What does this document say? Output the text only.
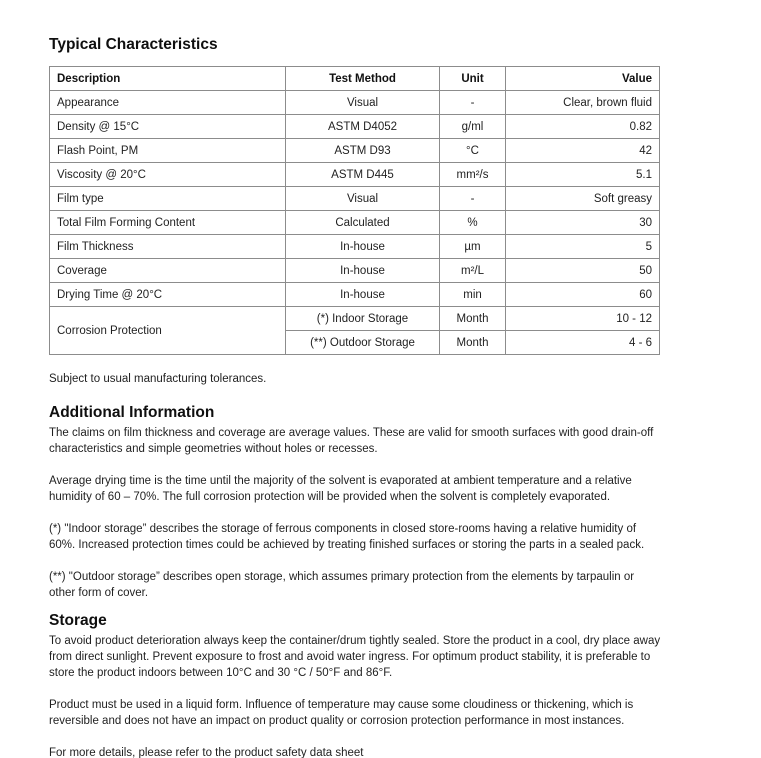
Typical Characteristics
Description	Test Method	Unit	Value
Appearance	Visual	-	Clear, brown fluid
Density @ 15°C	ASTM D4052	g/ml	0.82
Flash Point, PM	ASTM D93	°C	42
Viscosity @ 20°C	ASTM D445	mm²/s	5.1
Film type	Visual	-	Soft greasy
Total Film Forming Content	Calculated	%	30
Film Thickness	In-house	µm	5
Coverage	In-house	m²/L	50
Drying Time @ 20°C	In-house	min	60
Corrosion Protection	(*) Indoor Storage	Month	10 - 12
	(**) Outdoor Storage	Month	4 - 6
Subject to usual manufacturing tolerances.
Additional Information
The claims on film thickness and coverage are average values. These are valid for smooth surfaces with good drain-off
characteristics and simple geometries without holes or recesses.
Average drying time is the time until the majority of the solvent is evaporated at ambient temperature and a relative
humidity of 60 – 70%. The full corrosion protection will be provided when the solvent is completely evaporated.
(*) "Indoor storage” describes the storage of ferrous components in closed store-rooms having a relative humidity of
60%. Increased protection times could be achieved by treating finished surfaces or storing the parts in a sealed pack.
(**) "Outdoor storage” describes open storage, which assumes primary protection from the elements by tarpaulin or
other form of cover.
Storage
To avoid product deterioration always keep the container/drum tightly sealed. Store the product in a cool, dry place away
from direct sunlight. Prevent exposure to frost and avoid water ingress. For optimum product stability, it is preferable to
store the product indoors between 10°C and 30 °C / 50°F and 86°F.
Product must be used in a liquid form. Influence of temperature may cause some cloudiness or thickening, which is
reversible and does not have an impact on product quality or corrosion protection performance in most instances.
For more details, please refer to the product safety data sheet
